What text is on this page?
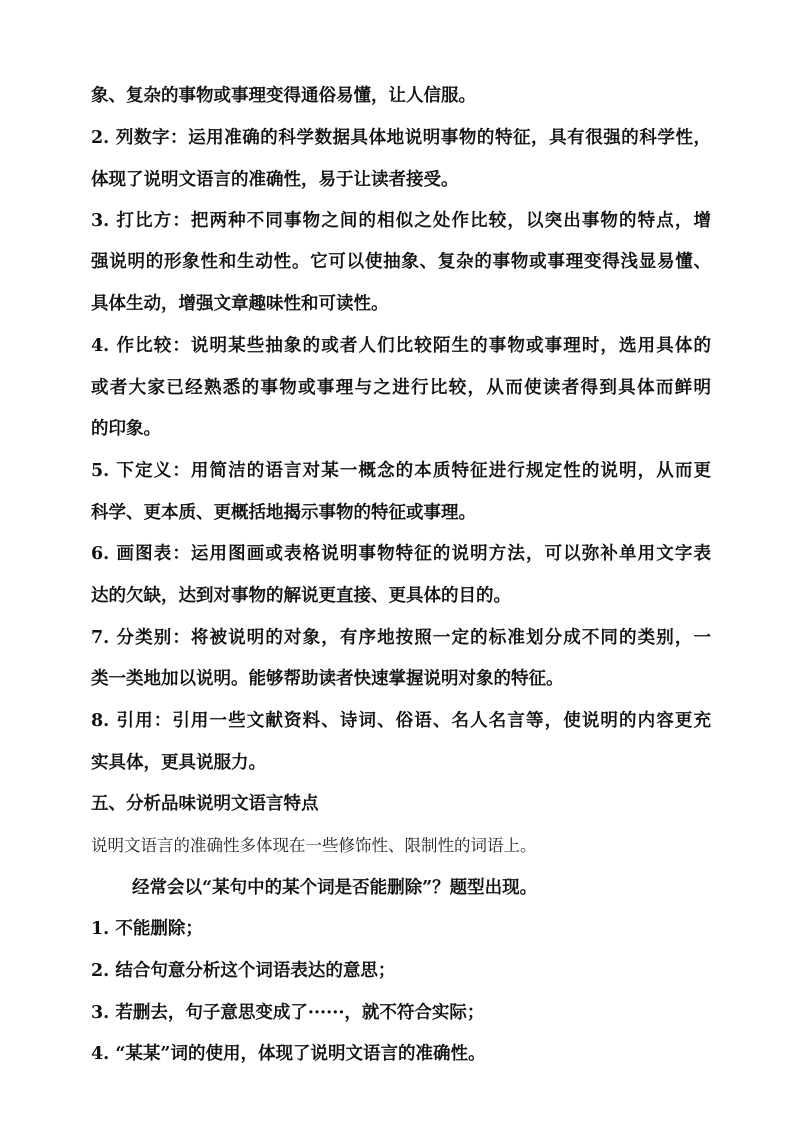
象、复杂的事物或事理变得通俗易懂，让人信服。
2. 列数字：运用准确的科学数据具体地说明事物的特征，具有很强的科学性，
体现了说明文语言的准确性，易于让读者接受。
3. 打比方：把两种不同事物之间的相似之处作比较，以突出事物的特点，增
强说明的形象性和生动性。它可以使抽象、复杂的事物或事理变得浅显易懂、
具体生动，增强文章趣味性和可读性。
4. 作比较：说明某些抽象的或者人们比较陌生的事物或事理时，选用具体的
或者大家已经熟悉的事物或事理与之进行比较，从而使读者得到具体而鲜明
的印象。
5. 下定义：用简洁的语言对某一概念的本质特征进行规定性的说明，从而更
科学、更本质、更概括地揭示事物的特征或事理。
6. 画图表：运用图画或表格说明事物特征的说明方法，可以弥补单用文字表
达的欠缺，达到对事物的解说更直接、更具体的目的。
7. 分类别：将被说明的对象，有序地按照一定的标准划分成不同的类别，一
类一类地加以说明。能够帮助读者快速掌握说明对象的特征。
8. 引用：引用一些文献资料、诗词、俗语、名人名言等，使说明的内容更充
实具体，更具说服力。
五、分析品味说明文语言特点
说明文语言的准确性多体现在一些修饰性、限制性的词语上。
经常会以“某句中的某个词是否能删除”？题型出现。
1. 不能删除；
2. 结合句意分析这个词语表达的意思；
3. 若删去，句子意思变成了······，就不符合实际；
4. “某某”词的使用，体现了说明文语言的准确性。
